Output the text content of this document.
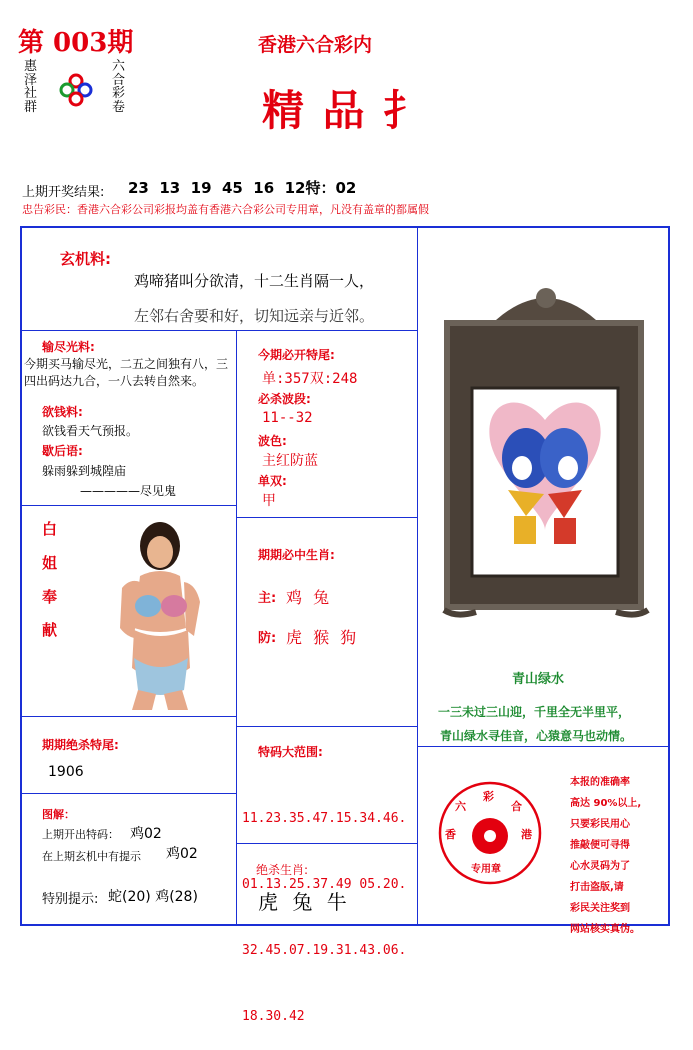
第 003期
惠
泽
社
群
六
合
彩
卷
香港六合彩内
精 品 扌
上期开奖结果: 23  13  19  45  16  12特：02
忠告彩民：香港六合彩公司彩报均盖有香港六合彩公司专用章，凡没有盖章的都属假
玄机料:
鸡啼猪叫分欲清，十二生肖隔一人，
左邻右舍要和好，切知远亲与近邻。
输尽光料:
今期买马输尽光，二五之间独有八，三四出码达九合，一八去转自然来。
欲钱料:
欲钱看天气预报。
歇后语:
躲雨躲到城隍庙
—————尽见鬼
白
姐
奉
献
期期绝杀特尾:
1906
图解：
上期开出特码： 鸡02
在上期玄机中有提示 鸡02
特别提示: 蛇(20) 鸡(28)
今期必开特尾:
单:357双:248
必杀波段:
11--32
波色:
主红防蓝
单双:
甲
期期必中生肖:
主: 鸡 兔
防: 虎 猴 狗
特码大范围:

11.23.35.47.15.34.46.

01.13.25.37.49 05.20.

32.45.07.19.31.43.06.

18.30.42

绝杀生肖:
虎 兔 牛
青山绿水
一三未过三山迎，千里全无半里平，
青山绿水寻佳音，心猿意马也动情。
六
彩
合
香	港
专用章
本报的准确率
高达 90%以上,
只要彩民用心
推敲便可寻得
心水灵码为了
打击盗版,请
彩民关注奖到
网站核实真伪。
